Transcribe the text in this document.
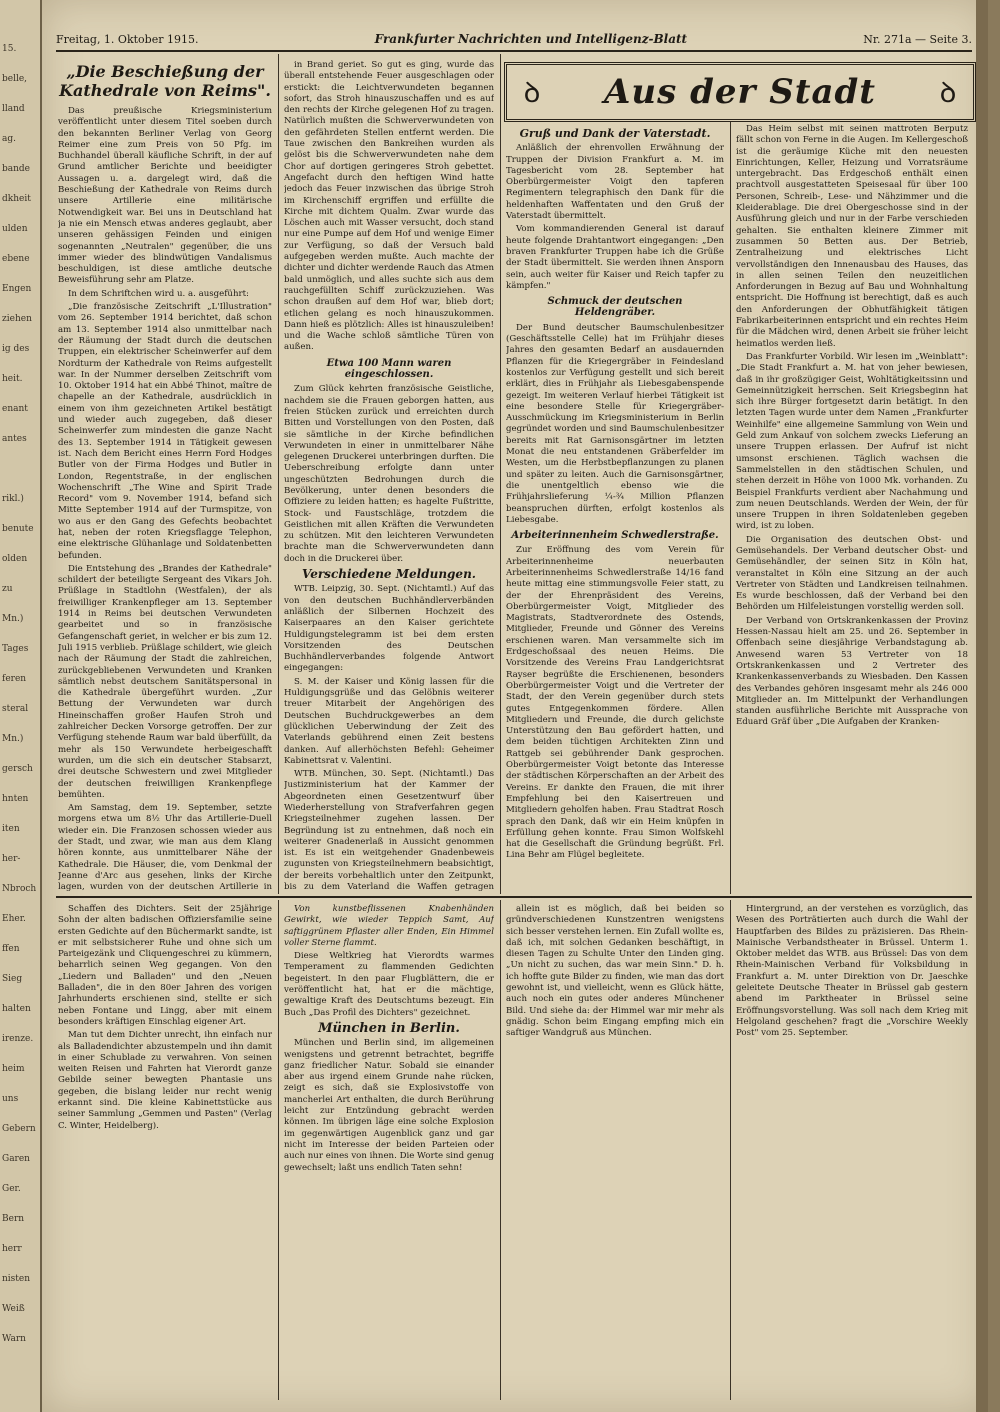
15.
belle,
lland
ag.
bande
dkheit
ulden
ebene
Engen
ziehen
ig des
heit.
enant
antes
rikl.)
benute
olden
zu
Mn.)
Tages
feren
steral
Mn.)
gersch
hnten
iten
her-
Nbroch
Eher.
ffen
Sieg
halten
irenze.
heim
uns
Gebern
Garen
Ger.
Bern
herr
nisten
Weiß
Warn
Freitag, 1. Oktober 1915.	Frankfurter Nachrichten und Intelligenz-Blatt	Nr. 271a — Seite 3.
„Die Beschießung der Kathedrale von Reims".

Das preußische Kriegsministerium veröffentlicht unter diesem Titel soeben durch den bekannten Berliner Verlag von Georg Reimer eine zum Preis von 50 Pfg. im Buchhandel überall käufliche Schrift, in der auf Grund amtlicher Berichte und beeidigter Aussagen u. a. dargelegt wird, daß die Beschießung der Kathedrale von Reims durch unsere Artillerie eine militärische Notwendigkeit war. Bei uns in Deutschland hat ja nie ein Mensch etwas anderes geglaubt, aber unseren gehässigen Feinden und einigen sogenannten „Neutralen" gegenüber, die uns immer wieder des blindwütigen Vandalismus beschuldigen, ist diese amtliche deutsche Beweisführung sehr am Platze.

In dem Schriftchen wird u. a. ausgeführt:

„Die französische Zeitschrift „L'Illustration" vom 26. September 1914 berichtet, daß schon am 13. September 1914 also unmittelbar nach der Räumung der Stadt durch die deutschen Truppen, ein elektrischer Scheinwerfer auf dem Nordturm der Kathedrale von Reims aufgestellt war. In der Nummer derselben Zeitschrift vom 10. Oktober 1914 hat ein Abbé Thinot, maître de chapelle an der Kathedrale, ausdrücklich in einem von ihm gezeichneten Artikel bestätigt und wieder auch zugegeben, daß dieser Scheinwerfer zum mindesten die ganze Nacht des 13. September 1914 in Tätigkeit gewesen ist. Nach dem Bericht eines Herrn Ford Hodges Butler von der Firma Hodges und Butler in London, Regentstraße, in der englischen Wochenschrift „The Wine and Spirit Trade Record" vom 9. November 1914, befand sich Mitte September 1914 auf der Turmspitze, von wo aus er den Gang des Gefechts beobachtet hat, neben der roten Kriegsflagge Telephon, eine elektrische Glühanlage und Soldatenbetten befunden.

Die Entstehung des „Brandes der Kathedrale" schildert der beteiligte Sergeant des Vikars Joh. Prüßlage in Stadtlohn (Westfalen), der als freiwilliger Krankenpfleger am 13. September 1914 in Reims bei deutschen Verwundeten gearbeitet und so in französische Gefangenschaft geriet, in welcher er bis zum 12. Juli 1915 verblieb. Prüßlage schildert, wie gleich nach der Räumung der Stadt die zahlreichen, zurückgebliebenen Verwundeten und Kranken sämtlich nebst deutschem Sanitätspersonal in die Kathedrale übergeführt wurden. „Zur Bettung der Verwundeten war durch Hineinschaffen großer Haufen Stroh und zahlreicher Decken Vorsorge getroffen. Der zur Verfügung stehende Raum war bald überfüllt, da mehr als 150 Verwundete herbeigeschafft wurden, um die sich ein deutscher Stabsarzt, drei deutsche Schwestern und zwei Mitglieder der deutschen freiwilligen Krankenpflege bemühten.

Am Samstag, dem 19. September, setzte morgens etwa um 8½ Uhr das Artillerie-Duell wieder ein. Die Franzosen schossen wieder aus der Stadt, und zwar, wie man aus dem Klang hören konnte, aus unmittelbarer Nähe der Kathedrale. Die Häuser, die, vom Denkmal der Jeanne d'Arc aus gesehen, links der Kirche lagen, wurden von der deutschen Artillerie in

in Brand geriet. So gut es ging, wurde das überall entstehende Feuer ausgeschlagen oder erstickt: die Leichtverwundeten begannen sofort, das Stroh hinauszuschaffen und es auf den rechts der Kirche gelegenen Hof zu tragen. Natürlich mußten die Schwerverwundeten von den gefährdeten Stellen entfernt werden. Die Taue zwischen den Bankreihen wurden als gelöst bis die Schwerverwundeten nahe dem Chor auf dortigen geringeres Stroh gebettet. Angefacht durch den heftigen Wind hatte jedoch das Feuer inzwischen das übrige Stroh im Kirchenschiff ergriffen und erfüllte die Kirche mit dichtem Qualm. Zwar wurde das Löschen auch mit Wasser versucht, doch stand nur eine Pumpe auf dem Hof und wenige Eimer zur Verfügung, so daß der Versuch bald aufgegeben werden mußte. Auch machte der dichter und dichter werdende Rauch das Atmen bald unmöglich, und alles suchte sich aus dem rauchgefüllten Schiff zurückzuziehen. Was schon draußen auf dem Hof war, blieb dort; etlichen gelang es noch hinauszukommen. Dann hieß es plötzlich: Alles ist hinauszuleiben! und die Wache schloß sämtliche Türen von außen.

Etwa 100 Mann waren eingeschlossen.

Zum Glück kehrten französische Geistliche, nachdem sie die Frauen geborgen hatten, aus freien Stücken zurück und erreichten durch Bitten und Vorstellungen von den Posten, daß sie sämtliche in der Kirche befindlichen Verwundeten in einer in unmittelbarer Nähe gelegenen Druckerei unterbringen durften. Die Ueberschreibung erfolgte dann unter ungeschützten Bedrohungen durch die Bevölkerung, unter denen besonders die Offiziere zu leiden hatten; es hagelte Fußtritte, Stock- und Faustschläge, trotzdem die Geistlichen mit allen Kräften die Verwundeten zu schützen. Mit den leichteren Verwundeten brachte man die Schwerverwundeten dann doch in die Druckerei über.

Verschiedene Meldungen.

WTB. Leipzig, 30. Sept. (Nichtamtl.) Auf das von den deutschen Buchhändlerverbänden anläßlich der Silbernen Hochzeit des Kaiserpaares an den Kaiser gerichtete Huldigungstelegramm ist bei dem ersten Vorsitzenden des Deutschen Buchhändlerverbandes folgende Antwort eingegangen:

S. M. der Kaiser und König lassen für die Huldigungsgrüße und das Gelöbnis weiterer treuer Mitarbeit der Angehörigen des Deutschen Buchdruckgewerbes an dem glücklichen Ueberwindung der Zeit des Vaterlands gebührend einen Zeit bestens danken. Auf allerhöchsten Befehl: Geheimer Kabinettsrat v. Valentini.

WTB. München, 30. Sept. (Nichtamtl.) Das Justizministerium hat der Kammer der Abgeordneten einen Gesetzentwurf über Wiederherstellung von Strafverfahren gegen Kriegsteilnehmer zugehen lassen. Der Begründung ist zu entnehmen, daß noch ein weiterer Gnadenerlaß in Aussicht genommen ist. Es ist ein weitgehender Gnadenbeweis zugunsten von Kriegsteilnehmern beabsichtigt, der bereits vorbehaltlich unter den Zeitpunkt, bis zu dem Vaterland die Waffen getragen

ꝺ	Aus der Stadt	ꝺ
Gruß und Dank der Vaterstadt.

Anläßlich der ehrenvollen Erwähnung der Truppen der Division Frankfurt a. M. im Tagesbericht vom 28. September hat Oberbürgermeister Voigt den tapferen Regimentern telegraphisch den Dank für die heldenhaften Waffentaten und den Gruß der Vaterstadt übermittelt.

Vom kommandierenden General ist darauf heute folgende Drahtantwort eingegangen: „Den braven Frankfurter Truppen habe ich die Grüße der Stadt übermittelt. Sie werden ihnen Ansporn sein, auch weiter für Kaiser und Reich tapfer zu kämpfen."

Schmuck der deutschen Heldengräber.

Der Bund deutscher Baumschulenbesitzer (Geschäftsstelle Celle) hat im Frühjahr dieses Jahres den gesamten Bedarf an ausdauernden Pflanzen für die Kriegergräber in Feindesland kostenlos zur Verfügung gestellt und sich bereit erklärt, dies in Frühjahr als Liebesgabenspende gezeigt. Im weiteren Verlauf hierbei Tätigkeit ist eine besondere Stelle für Kriegergräber-Ausschmückung im Kriegsministerium in Berlin gegründet worden und sind Baumschulenbesitzer bereits mit Rat Garnisonsgärtner im letzten Monat die neu entstandenen Gräberfelder im Westen, um die Herbstbepflanzungen zu planen und später zu leiten. Auch die Garnisonsgärtner, die unentgeltlich ebenso wie die Frühjahrslieferung ¼-¾ Million Pflanzen beanspruchen dürften, erfolgt kostenlos als Liebesgabe.

Arbeiterinnenheim Schwedlerstraße.

Zur Eröffnung des vom Verein für Arbeiterinnenheime neuerbauten Arbeiterinnenheims Schwedlerstraße 14/16 fand heute mittag eine stimmungsvolle Feier statt, zu der der Ehrenpräsident des Vereins, Oberbürgermeister Voigt, Mitglieder des Magistrats, Stadtverordnete des Ostends, Mitglieder, Freunde und Gönner des Vereins erschienen waren. Man versammelte sich im Erdgeschoßsaal des neuen Heims. Die Vorsitzende des Vereins Frau Landgerichtsrat Rayser begrüßte die Erschienenen, besonders Oberbürgermeister Voigt und die Vertreter der Stadt, der den Verein gegenüber durch stets gutes Entgegenkommen fördere. Allen Mitgliedern und Freunde, die durch gelichste Unterstützung den Bau gefördert hatten, und dem beiden tüchtigen Architekten Zinn und Rattgeb sei gebührender Dank gesprochen. Oberbürgermeister Voigt betonte das Interesse der städtischen Körperschaften an der Arbeit des Vereins. Er dankte den Frauen, die mit ihrer Empfehlung bei den Kaisertreuen und Mitgliedern geholfen haben. Frau Stadtrat Rosch sprach den Dank, daß wir ein Heim knüpfen in Erfüllung gehen konnte. Frau Simon Wolfskehl hat die Gesellschaft die Gründung begrüßt. Frl. Lina Behr am Flügel begleitete.

Das Heim selbst mit seinen mattroten Berputz fällt schon von Ferne in die Augen. Im Kellergeschoß ist die geräumige Küche mit den neuesten Einrichtungen, Keller, Heizung und Vorratsräume untergebracht. Das Erdgeschoß enthält einen prachtvoll ausgestatteten Speisesaal für über 100 Personen, Schreib-, Lese- und Nähzimmer und die Kleiderablage. Die drei Obergeschosse sind in der Ausführung gleich und nur in der Farbe verschieden gehalten. Sie enthalten kleinere Zimmer mit zusammen 50 Betten aus. Der Betrieb, Zentralheizung und elektrisches Licht vervollständigen den Innenausbau des Hauses, das in allen seinen Teilen den neuzeitlichen Anforderungen in Bezug auf Bau und Wohnhaltung entspricht. Die Hoffnung ist berechtigt, daß es auch den Anforderungen der Obhutfähigkeit tätigen Fabrikarbeiterinnen entspricht und ein rechtes Heim für die Mädchen wird, denen Arbeit sie früher leicht heimatlos werden ließ.

Das Frankfurter Vorbild. Wir lesen im „Weinblatt": „Die Stadt Frankfurt a. M. hat von jeher bewiesen, daß in ihr großzügiger Geist, Wohltätigkeitssinn und Gemeinnützigkeit herrschen. Seit Kriegsbeginn hat sich ihre Bürger fortgesetzt darin betätigt. In den letzten Tagen wurde unter dem Namen „Frankfurter Weinhilfe" eine allgemeine Sammlung von Wein und Geld zum Ankauf von solchem zwecks Lieferung an unsere Truppen erlassen. Der Aufruf ist nicht umsonst erschienen. Täglich wachsen die Sammelstellen in den städtischen Schulen, und stehen derzeit in Höhe von 1000 Mk. vorhanden. Zu Beispiel Frankfurts verdient aber Nachahmung und zum neuen Deutschlands. Werden der Wein, der für unsere Truppen in ihren Soldatenleben gegeben wird, ist zu loben.

Die Organisation des deutschen Obst- und Gemüsehandels. Der Verband deutscher Obst- und Gemüsehändler, der seinen Sitz in Köln hat, veranstaltet in Köln eine Sitzung an der auch Vertreter von Städten und Landkreisen teilnahmen. Es wurde beschlossen, daß der Verband bei den Behörden um Hilfeleistungen vorstellig werden soll.

Der Verband von Ortskrankenkassen der Provinz Hessen-Nassau hielt am 25. und 26. September in Offenbach seine diesjährige Verbandstagung ab. Anwesend waren 53 Vertreter von 18 Ortskrankenkassen und 2 Vertreter des Krankenkassenverbands zu Wiesbaden. Den Kassen des Verbandes gehören insgesamt mehr als 246 000 Mitglieder an. Im Mittelpunkt der Verhandlungen standen ausführliche Berichte mit Aussprache von Eduard Gräf über „Die Aufgaben der Kranken-

Schaffen des Dichters. Seit der 25jährige Sohn der alten badischen Offiziersfamilie seine ersten Gedichte auf den Büchermarkt sandte, ist er mit selbstsicherer Ruhe und ohne sich um Parteigezänk und Cliquengeschrei zu kümmern, beharrlich seinen Weg gegangen. Von den „Liedern und Balladen" und den „Neuen Balladen", die in den 80er Jahren des vorigen Jahrhunderts erschienen sind, stellte er sich neben Fontane und Lingg, aber mit einem besonders kräftigen Einschlag eigener Art.

Man tut dem Dichter unrecht, ihn einfach nur als Balladendichter abzustempeln und ihn damit in einer Schublade zu verwahren. Von seinen weiten Reisen und Fahrten hat Vierordt ganze Gebilde seiner bewegten Phantasie uns gegeben, die bislang leider nur recht wenig erkannt sind. Die kleine Kabinettstücke aus seiner Sammlung „Gemmen und Pasten" (Verlag C. Winter, Heidelberg).

Von kunstbeflissenen Knabenhänden Gewirkt, wie wieder Teppich Samt, Auf saftiggrünem Pflaster aller Enden, Ein Himmel voller Sterne flammt.

Diese Weltkrieg hat Vierordts warmes Temperament zu flammenden Gedichten begeistert. In den paar Flugblättern, die er veröffentlicht hat, hat er die mächtige, gewaltige Kraft des Deutschtums bezeugt. Ein Buch „Das Profil des Dichters" gezeichnet.

München in Berlin.

München und Berlin sind, im allgemeinen wenigstens und getrennt betrachtet, begriffe ganz friedlicher Natur. Sobald sie einander aber aus irgend einem Grunde nahe rücken, zeigt es sich, daß sie Explosivstoffe von mancherlei Art enthalten, die durch Berührung leicht zur Entzündung gebracht werden können. Im übrigen läge eine solche Explosion im gegenwärtigen Augenblick ganz und gar nicht im Interesse der beiden Parteien oder auch nur eines von ihnen. Die Worte sind genug gewechselt; laßt uns endlich Taten sehn!

allein ist es möglich, daß bei beiden so gründverschiedenen Kunstzentren wenigstens sich besser verstehen lernen. Ein Zufall wollte es, daß ich, mit solchen Gedanken beschäftigt, in diesen Tagen zu Schulte Unter den Linden ging. „Un nicht zu suchen, das war mein Sinn." D. h. ich hoffte gute Bilder zu finden, wie man das dort gewohnt ist, und vielleicht, wenn es Glück hätte, auch noch ein gutes oder anderes Münchener Bild. Und siehe da: der Himmel war mir mehr als gnädig. Schon beim Eingang empfing mich ein saftiger Wandgruß aus München.

Hintergrund, an der verstehen es vorzüglich, das Wesen des Porträtierten auch durch die Wahl der Hauptfarben des Bildes zu präzisieren. Das Rhein-Mainische Verbandstheater in Brüssel. Unterm 1. Oktober meldet das WTB. aus Brüssel: Das von dem Rhein-Mainischen Verband für Volksbildung in Frankfurt a. M. unter Direktion von Dr. Jaeschke geleitete Deutsche Theater in Brüssel gab gestern abend im Parktheater in Brüssel seine Eröffnungsvorstellung. Was soll nach dem Krieg mit Helgoland geschehen? fragt die „Vorschire Weekly Post" vom 25. September.
